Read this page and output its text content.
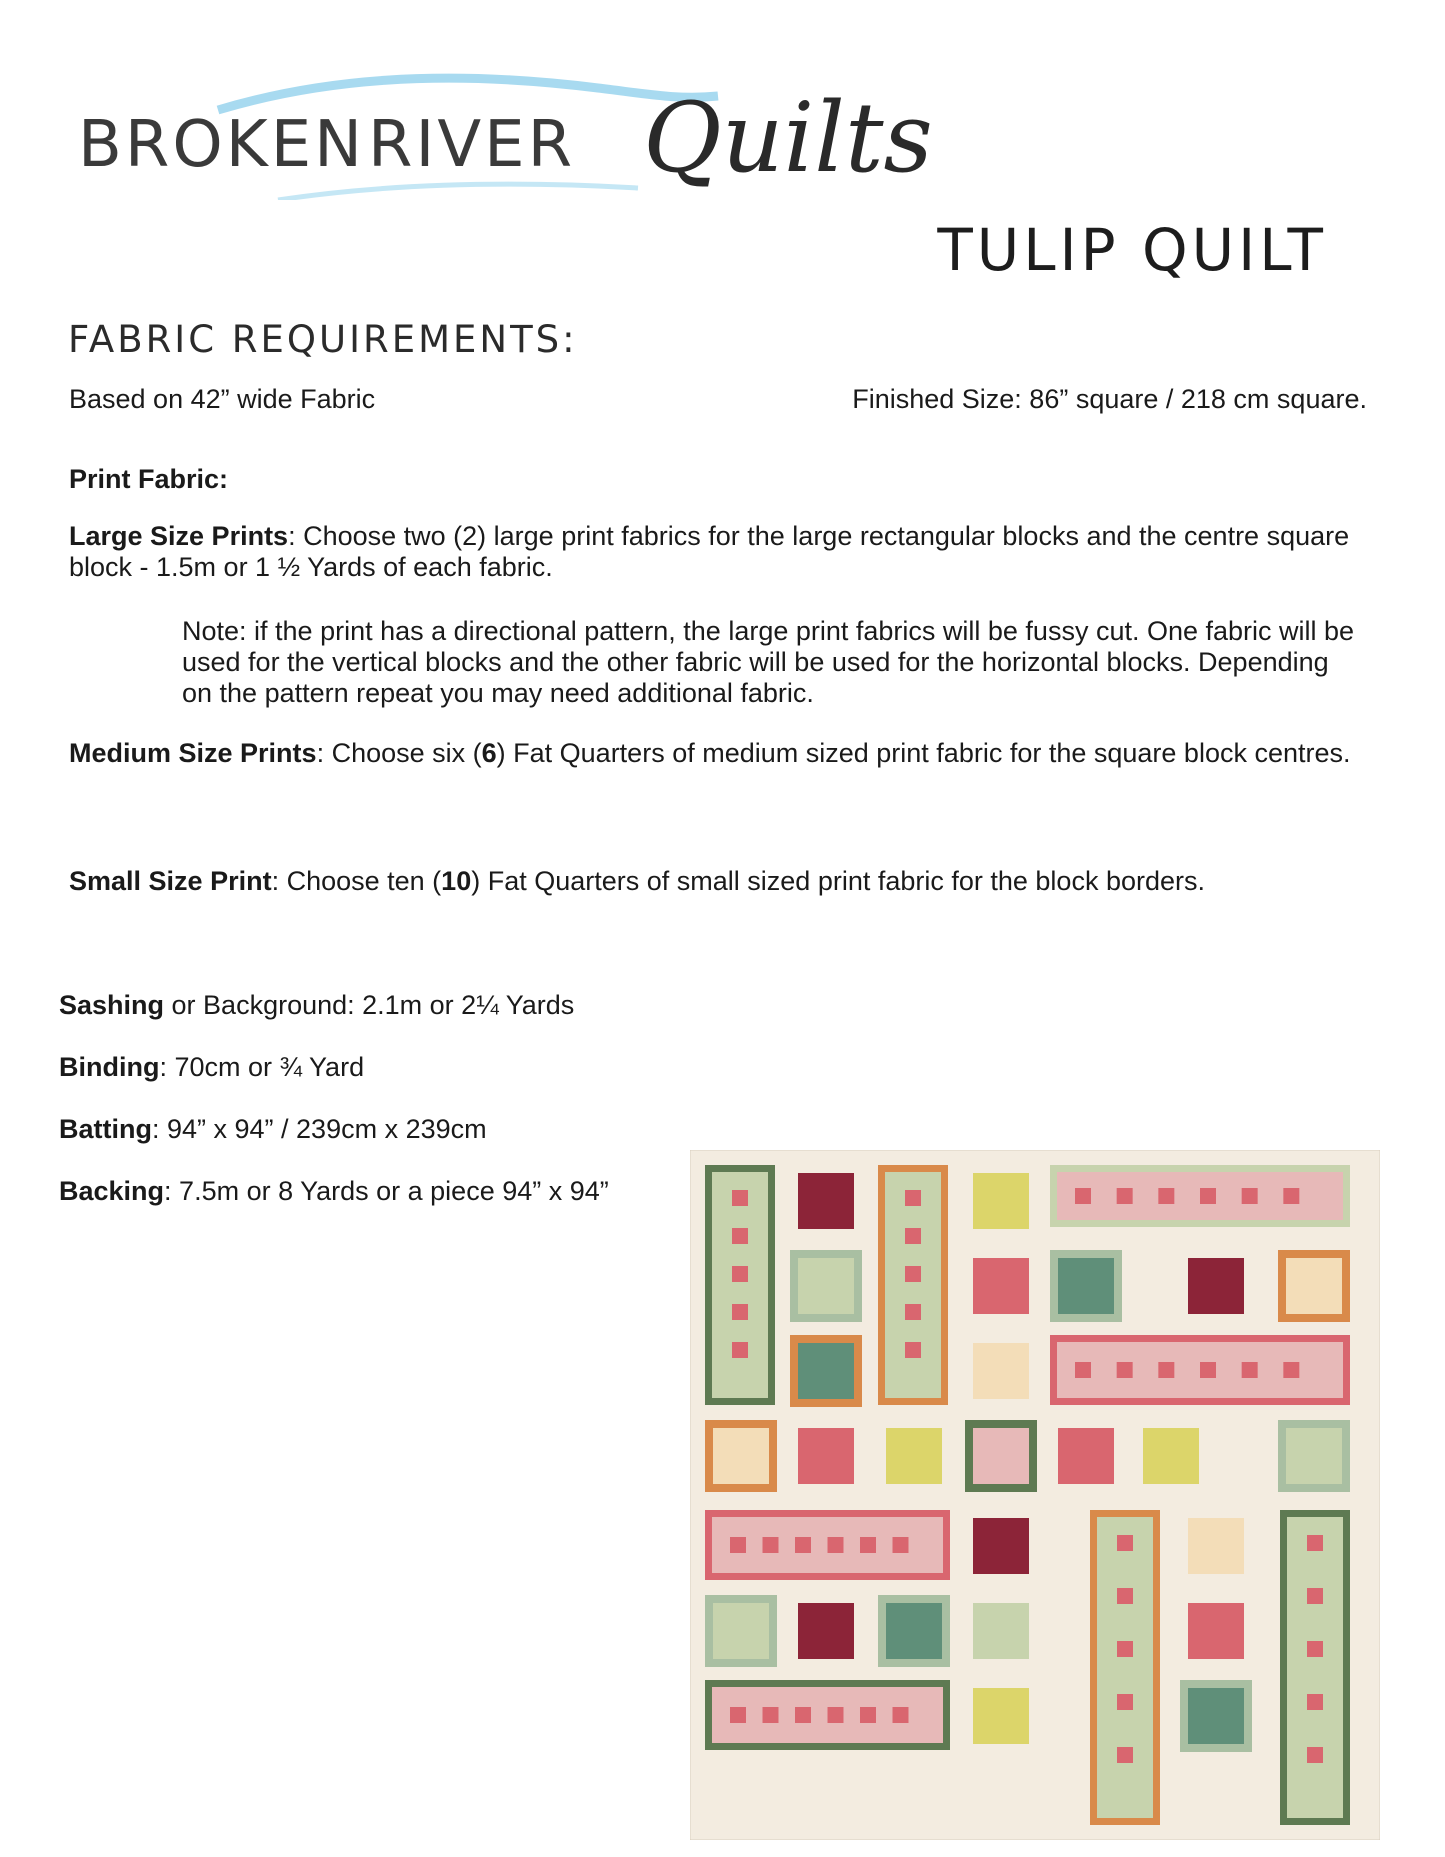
BROKEN RIVER Quilts
TULIP QUILT
FABRIC REQUIREMENTS:
Based on 42” wide Fabric	Finished Size: 86” square / 218 cm square.
Print Fabric:
Large Size Prints: Choose two (2) large print fabrics for the large rectangular blocks and the centre square block - 1.5m or 1 ½ Yards of each fabric.
Note: if the print has a directional pattern, the large print fabrics will be fussy cut. One fabric will be used for the vertical blocks and the other fabric will be used for the horizontal blocks. Depending on the pattern repeat you may need additional fabric.
Medium Size Prints: Choose six (6) Fat Quarters of medium sized print fabric for the square block centres.
Small Size Print: Choose ten (10) Fat Quarters of small sized print fabric for the block borders.
Sashing or Background: 2.1m or 2¼ Yards
Binding: 70cm or ¾ Yard
Batting: 94” x 94” / 239cm x 239cm
Backing: 7.5m or 8 Yards or a piece 94” x 94”
